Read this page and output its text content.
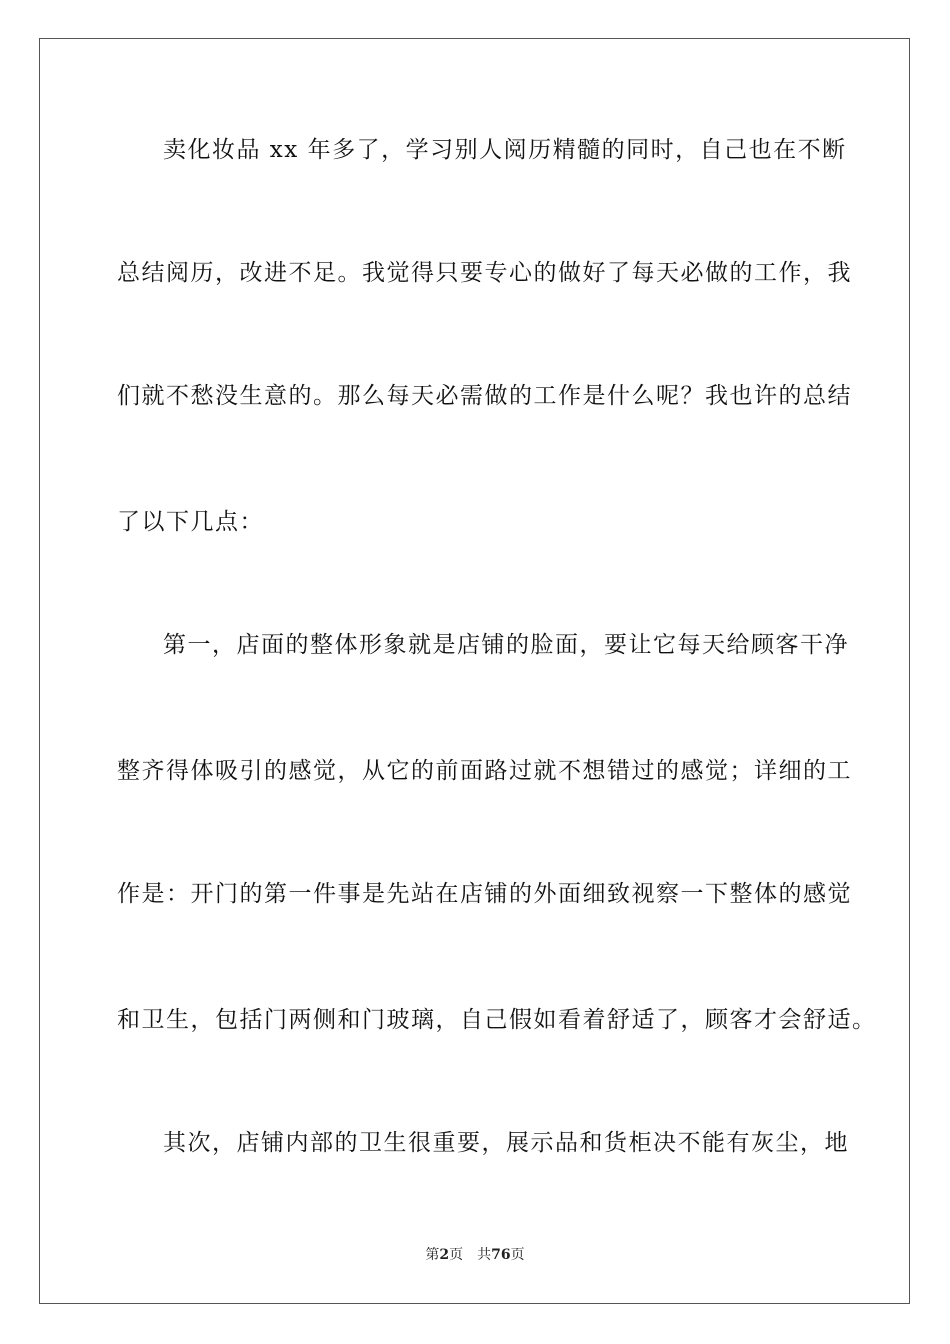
卖化妆品 xx 年多了，学习别人阅历精髓的同时，自己也在不断
总结阅历，改进不足。我觉得只要专心的做好了每天必做的工作，我
们就不愁没生意的。那么每天必需做的工作是什么呢？我也许的总结
了以下几点：
第一，店面的整体形象就是店铺的脸面，要让它每天给顾客干净
整齐得体吸引的感觉，从它的前面路过就不想错过的感觉；详细的工
作是：开门的第一件事是先站在店铺的外面细致视察一下整体的感觉
和卫生，包括门两侧和门玻璃，自己假如看着舒适了，顾客才会舒适。
其次，店铺内部的卫生很重要，展示品和货柜决不能有灰尘，地
第2页 共76页
